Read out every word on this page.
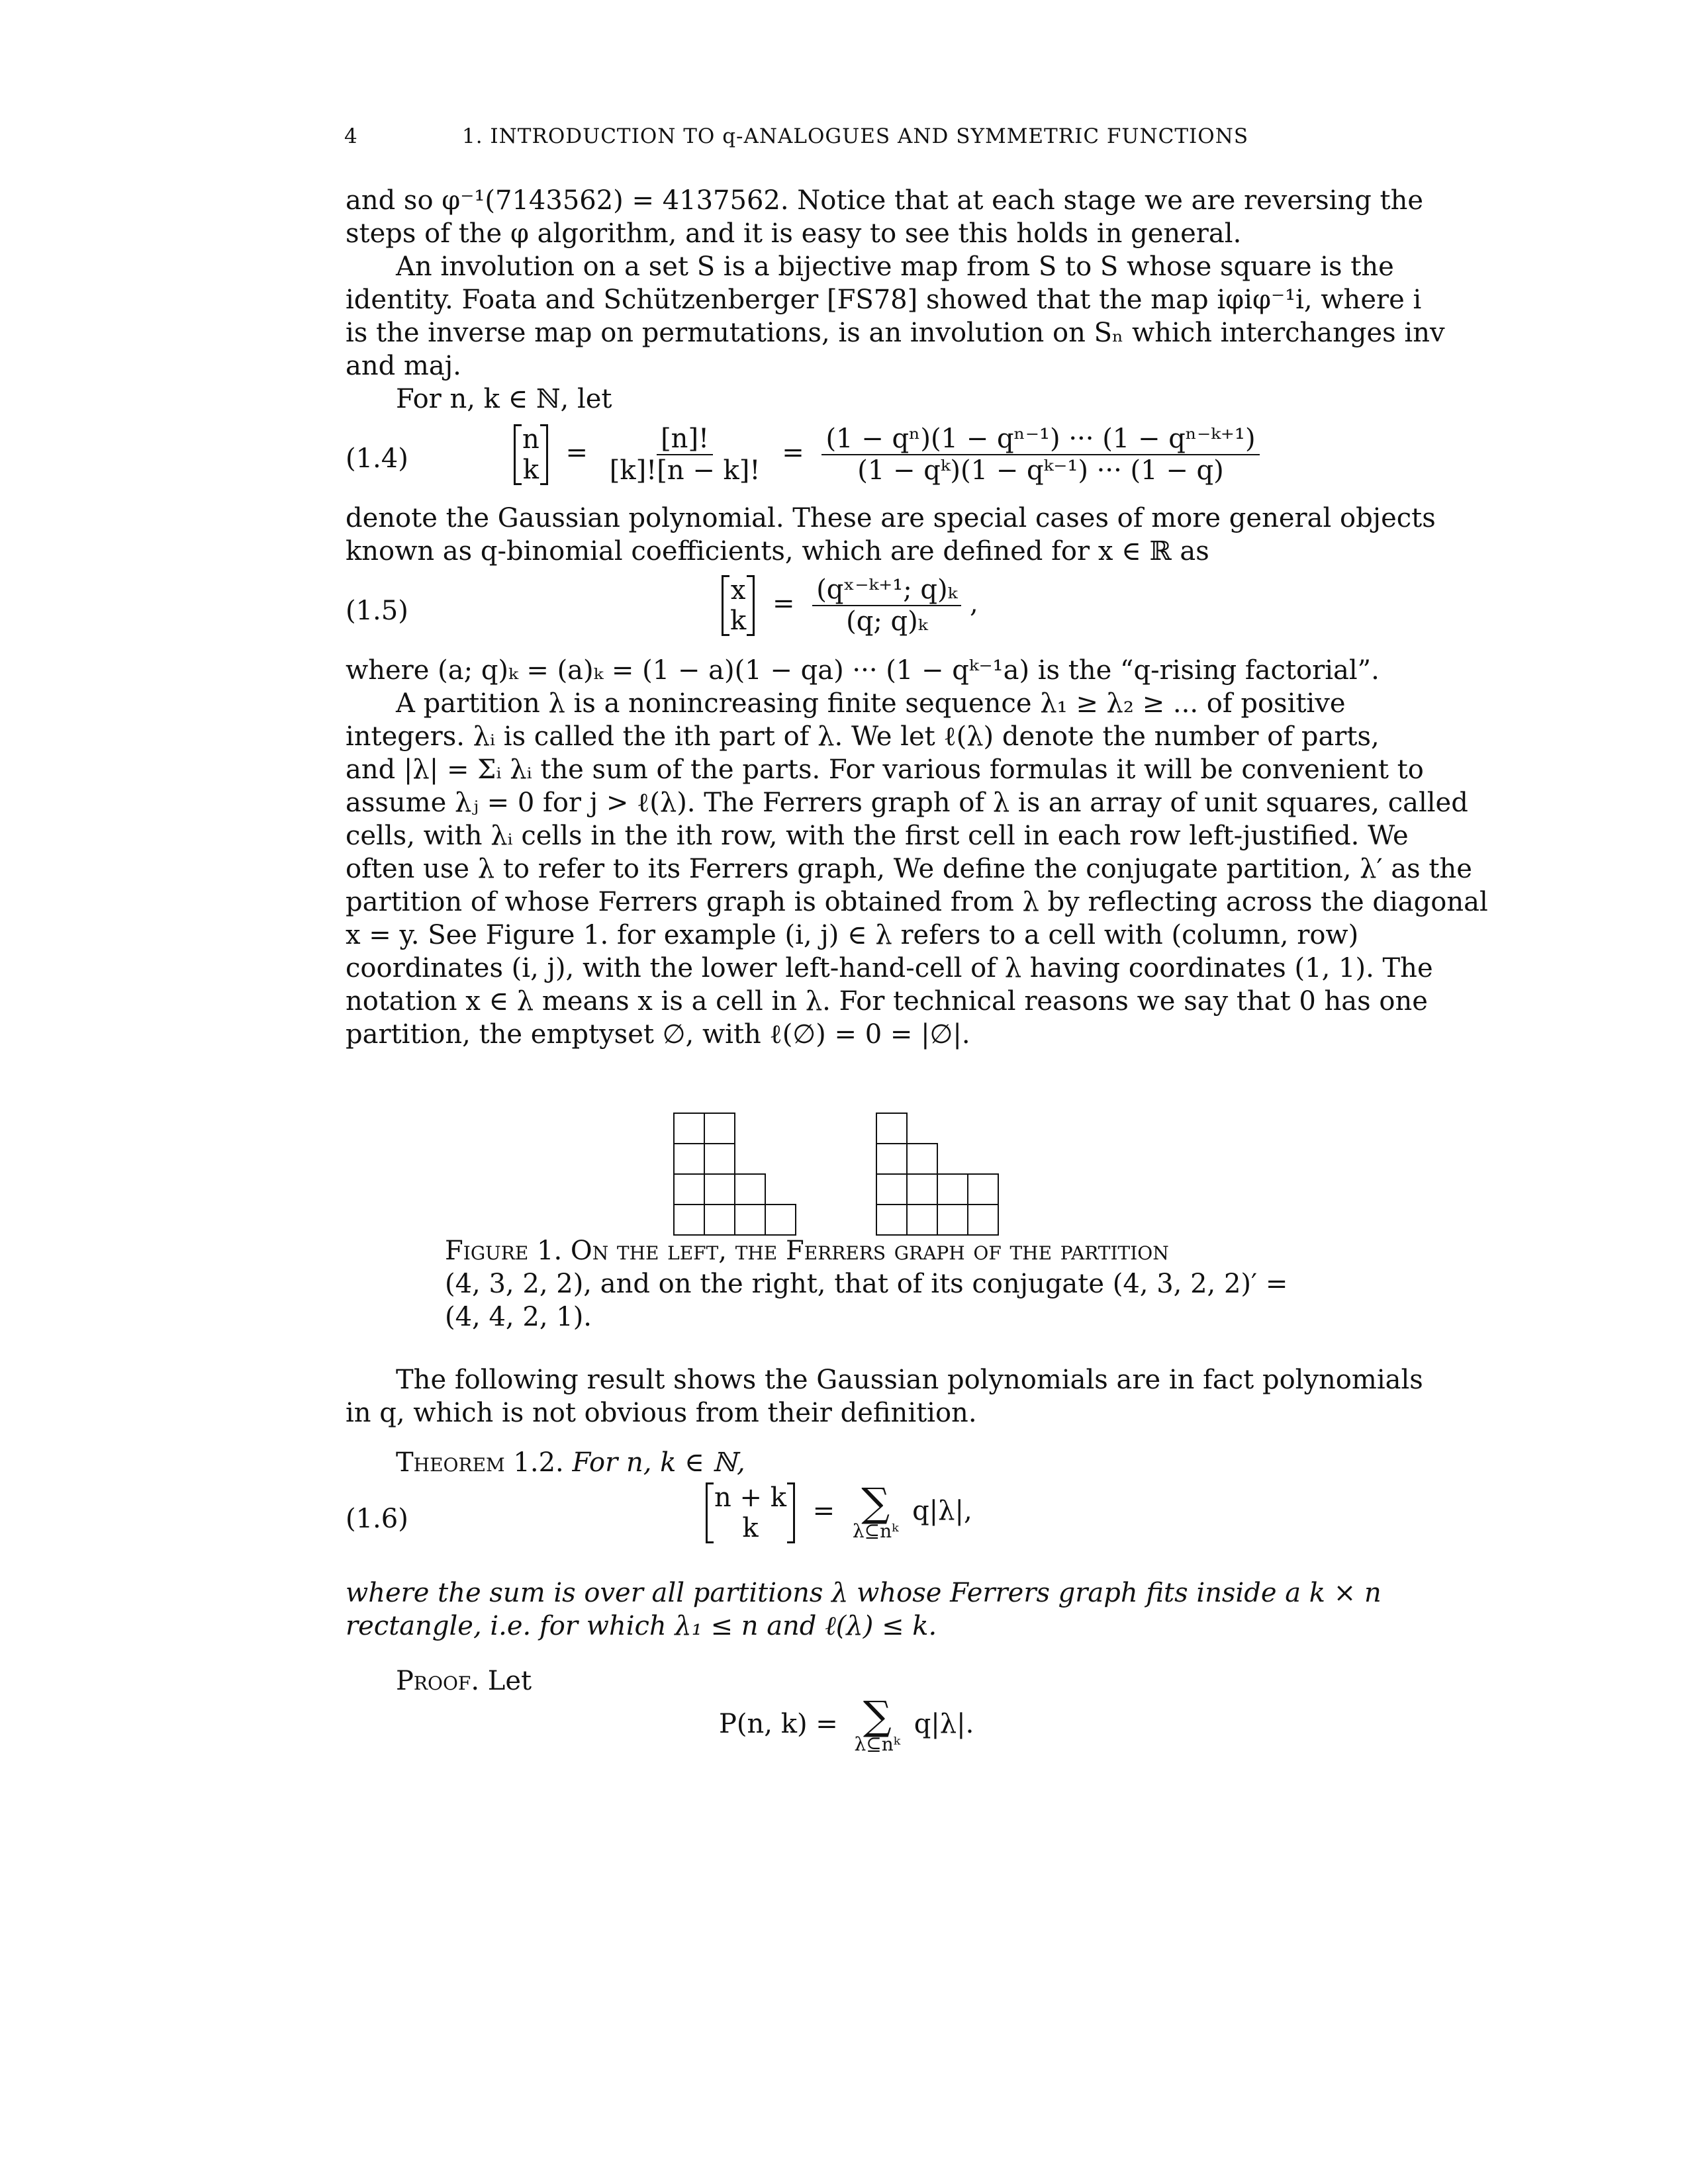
4	1. INTRODUCTION TO q-ANALOGUES AND SYMMETRIC FUNCTIONS
and so φ⁻¹(7143562) = 4137562. Notice that at each stage we are reversing the
steps of the φ algorithm, and it is easy to see this holds in general.
An involution on a set S is a bijective map from S to S whose square is the
identity. Foata and Schützenberger [FS78] showed that the map iφiφ⁻¹i, where i
is the inverse map on permutations, is an involution on Sₙ which interchanges inv
and maj.
For n, k ∈ ℕ, let
(1.4)
n
k
= $\frac{[n]!}{[k]![n - k]!} = \frac{\text{(1 − qⁿ)(1 − qⁿ⁻¹) ··· (1 − qⁿ⁻ᵏ⁺¹)}}{\text{(1 − qᵏ)(1 − qᵏ⁻¹) ··· (1 − q)}}$
denote the Gaussian polynomial. These are special cases of more general objects
known as q-binomial coefficients, which are defined for x ∈ ℝ as
(1.5)
x
k
= $\frac{\text{(qˣ⁻ᵏ⁺¹; q)ₖ}}{\text{(q; q)ₖ}}$ ,
where (a; q)ₖ = (a)ₖ = (1 − a)(1 − qa) ··· (1 − qᵏ⁻¹a) is the “q-rising factorial”.
A partition λ is a nonincreasing finite sequence λ₁ ≥ λ₂ ≥ ... of positive
integers. λᵢ is called the ith part of λ. We let ℓ(λ) denote the number of parts,
and |λ| = Σᵢ λᵢ the sum of the parts. For various formulas it will be convenient to
assume λⱼ = 0 for j > ℓ(λ). The Ferrers graph of λ is an array of unit squares, called
cells, with λᵢ cells in the ith row, with the first cell in each row left-justified. We
often use λ to refer to its Ferrers graph, We define the conjugate partition, λ′ as the
partition of whose Ferrers graph is obtained from λ by reflecting across the diagonal
x = y. See Figure 1. for example (i, j) ∈ λ refers to a cell with (column, row)
coordinates (i, j), with the lower left-hand-cell of λ having coordinates (1, 1). The
notation x ∈ λ means x is a cell in λ. For technical reasons we say that 0 has one
partition, the emptyset ∅, with ℓ(∅) = 0 = |∅|.
Figure 1. On the left, the Ferrers graph of the partition
(4, 3, 2, 2), and on the right, that of its conjugate (4, 3, 2, 2)′ =
(4, 4, 2, 1).
The following result shows the Gaussian polynomials are in fact polynomials
in q, which is not obvious from their definition.
Theorem 1.2. For n, k ∈ ℕ,
(1.6)
n + k
k
= ∑
λ⊆nᵏ
q|λ|,
where the sum is over all partitions λ whose Ferrers graph fits inside a k × n
rectangle, i.e. for which λ₁ ≤ n and ℓ(λ) ≤ k.
Proof. Let
P(n, k) = ∑
λ⊆nᵏ
q|λ|.
